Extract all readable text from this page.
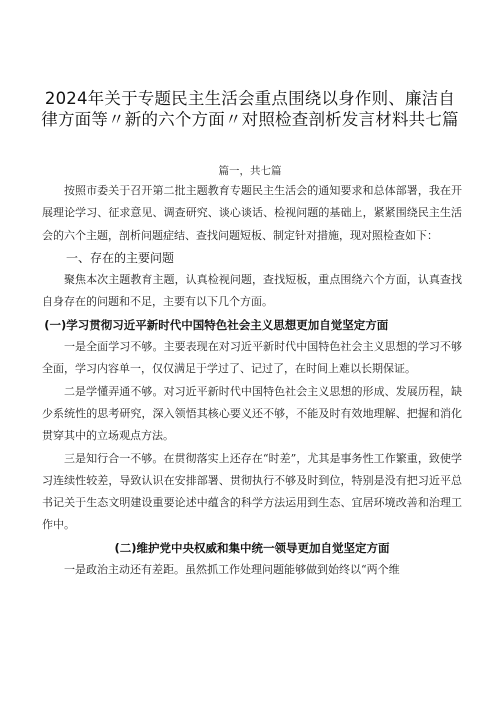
2024年关于专题民主生活会重点围绕以身作则、廉洁自律方面等〃新的六个方面〃对照检查剖析发言材料共七篇
篇一，共七篇

按照市委关于召开第二批主题教育专题民主生活会的通知要求和总体部署，我在开展理论学习、征求意见、调查研究、谈心谈话、检视问题的基础上，紧紧围绕民主生活会的六个主题，剖析问题症结、查找问题短板、制定针对措施，现对照检查如下：

一、存在的主要问题

聚焦本次主题教育主题，认真检视问题，查找短板，重点围绕六个方面，认真查找自身存在的问题和不足，主要有以下几个方面。

(一)学习贯彻习近平新时代中国特色社会主义思想更加自觉坚定方面

一是全面学习不够。主要表现在对习近平新时代中国特色社会主义思想的学习不够全面，学习内容单一，仅仅满足于学过了、记过了，在时间上难以长期保证。

二是学懂弄通不够。对习近平新时代中国特色社会主义思想的形成、发展历程，缺少系统性的思考研究，深入领悟其核心要义还不够，不能及时有效地理解、把握和消化贯穿其中的立场观点方法。

三是知行合一不够。在贯彻落实上还存在“时差”，尤其是事务性工作繁重，致使学习连续性较差，导致认识在安排部署、贯彻执行不够及时到位，特别是没有把习近平总书记关于生态文明建设重要论述中蕴含的科学方法运用到生态、宜居环境改善和治理工作中。

(二)维护党中央权威和集中统一领导更加自觉坚定方面

一是政治主动还有差距。虽然抓工作处理问题能够做到始终以“两个维
